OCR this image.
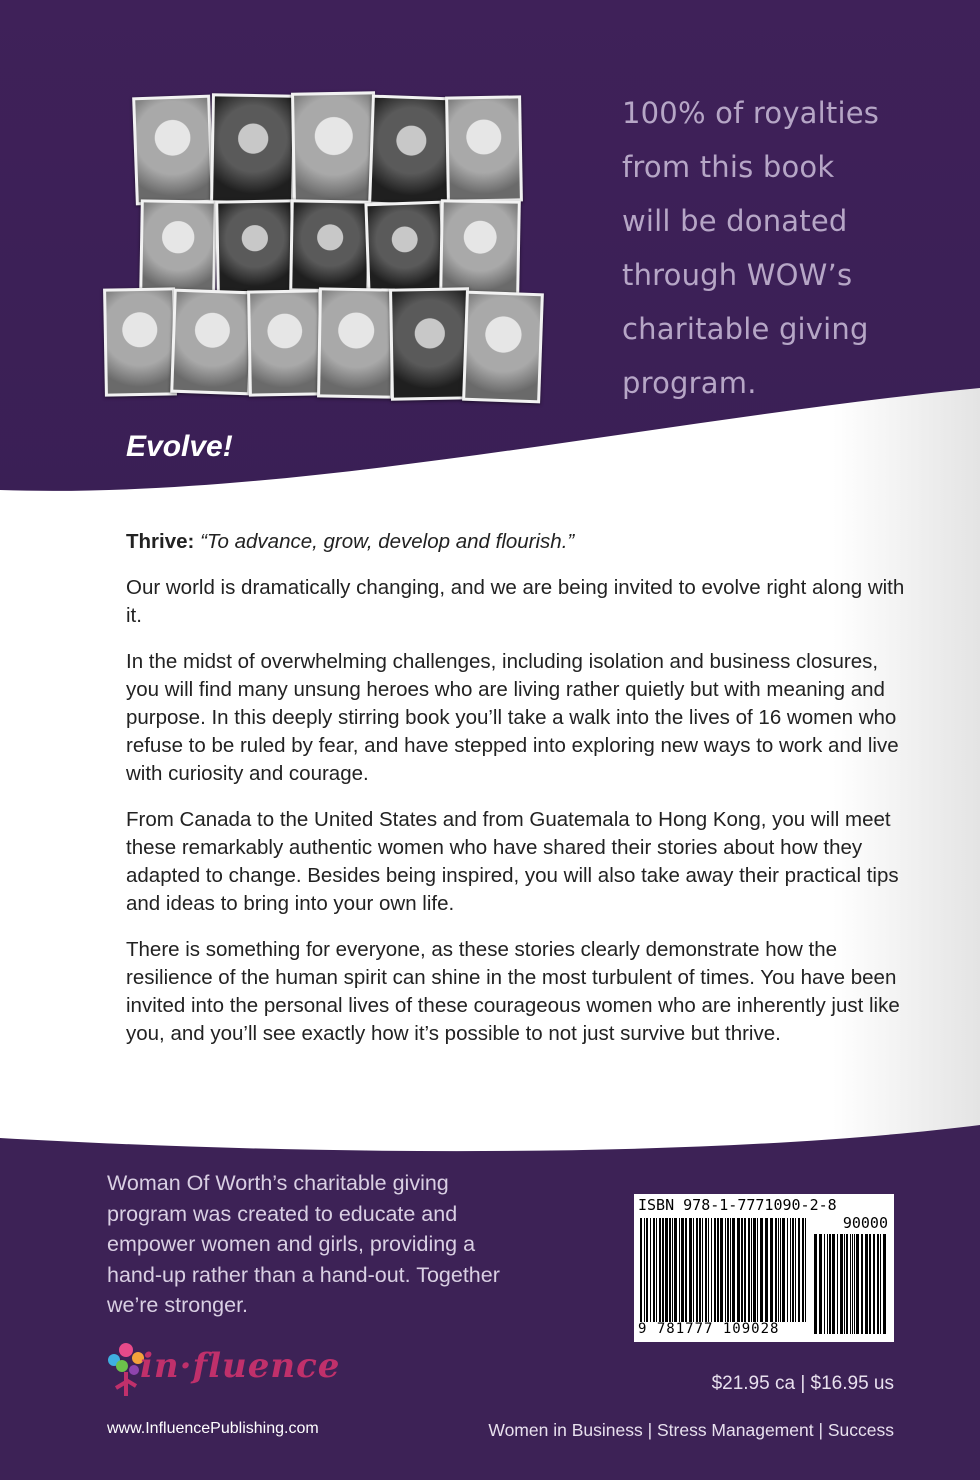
100% of royalties
from this book
will be donated
through WOW’s
charitable giving
program.
Evolve!

Thrive: “To advance, grow, develop and flourish.”

Our world is dramatically changing, and we are being invited to evolve right along with it.

In the midst of overwhelming challenges, including isolation and business closures, you will find many unsung heroes who are living rather quietly but with meaning and purpose. In this deeply stirring book you’ll take a walk into the lives of 16 women who refuse to be ruled by fear, and have stepped into exploring new ways to work and live with curiosity and courage.

From Canada to the United States and from Guatemala to Hong Kong, you will meet these remarkably authentic women who have shared their stories about how they adapted to change. Besides being inspired, you will also take away their practical tips and ideas to bring into your own life.

There is something for everyone, as these stories clearly demonstrate how the resilience of the human spirit can shine in the most turbulent of times. You have been invited into the personal lives of these courageous women who are inherently just like you, and you’ll see exactly how it’s possible to not just survive but thrive.

Woman Of Worth’s charitable giving program was created to educate and empower women and girls, providing a hand-up rather than a hand-out. Together we’re stronger.
ISBN 978-1-7771090-2-8
90000
9 781777 109028
$21.95 ca | $16.95 us
Women in Business | Stress Management | Success
in·fluence
www.InfluencePublishing.com
